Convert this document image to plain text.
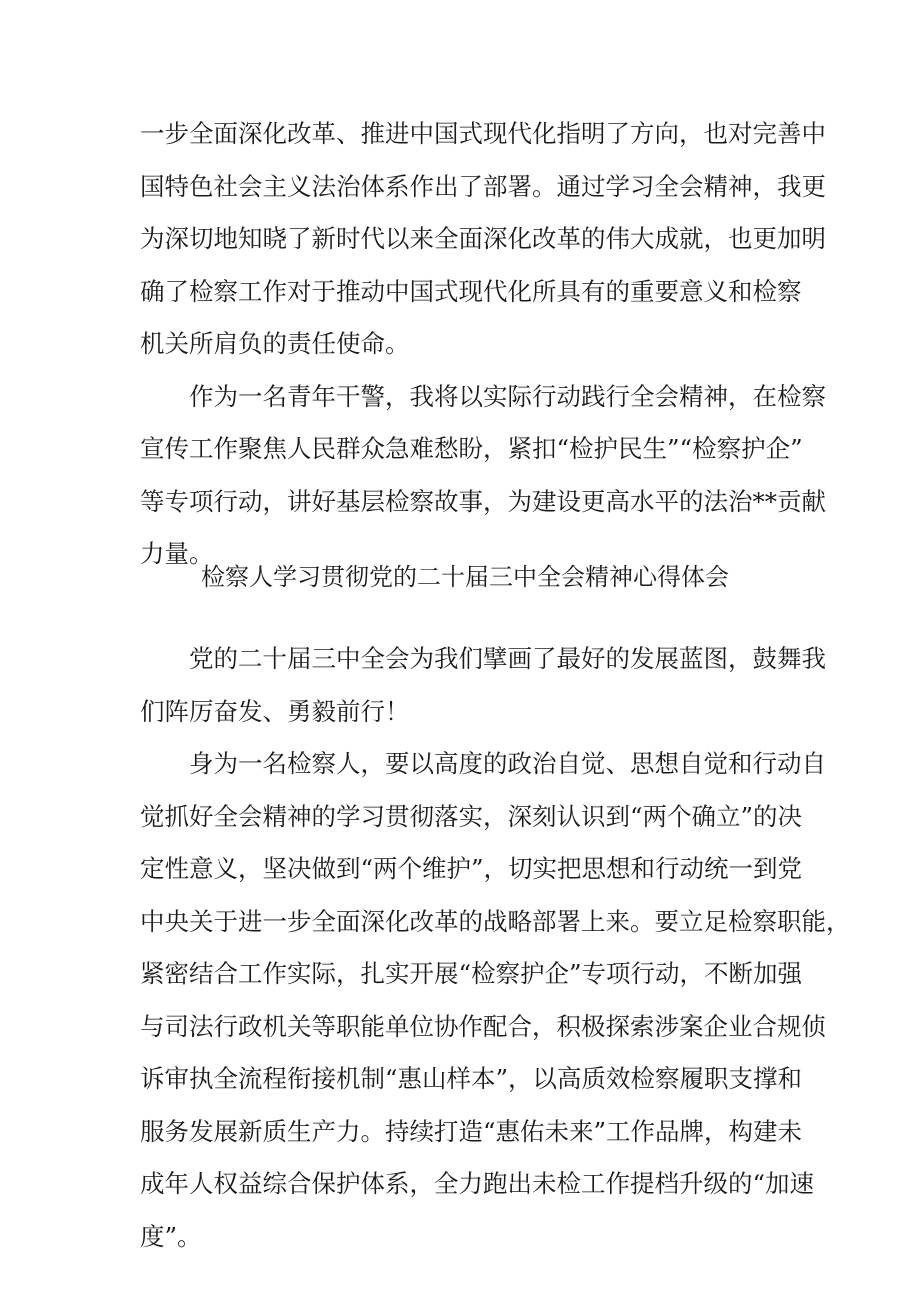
一步全面深化改革、推进中国式现代化指明了方向，也对完善中
国特色社会主义法治体系作出了部署。通过学习全会精神，我更
为深切地知晓了新时代以来全面深化改革的伟大成就，也更加明
确了检察工作对于推动中国式现代化所具有的重要意义和检察
机关所肩负的责任使命。
作为一名青年干警，我将以实际行动践行全会精神，在检察
宣传工作聚焦人民群众急难愁盼，紧扣“检护民生”“检察护企”
等专项行动，讲好基层检察故事，为建设更高水平的法治**贡献
力量。
检察人学习贯彻党的二十届三中全会精神心得体会
党的二十届三中全会为我们擘画了最好的发展蓝图，鼓舞我
们阵厉奋发、勇毅前行！
身为一名检察人，要以高度的政治自觉、思想自觉和行动自
觉抓好全会精神的学习贯彻落实，深刻认识到“两个确立”的决
定性意义，坚决做到“两个维护”，切实把思想和行动统一到党
中央关于进一步全面深化改革的战略部署上来。要立足检察职能，
紧密结合工作实际，扎实开展“检察护企”专项行动，不断加强
与司法行政机关等职能单位协作配合，积极探索涉案企业合规侦
诉审执全流程衔接机制“惠山样本”，以高质效检察履职支撑和
服务发展新质生产力。持续打造“惠佑未来”工作品牌，构建未
成年人权益综合保护体系，全力跑出未检工作提档升级的“加速
度”。
